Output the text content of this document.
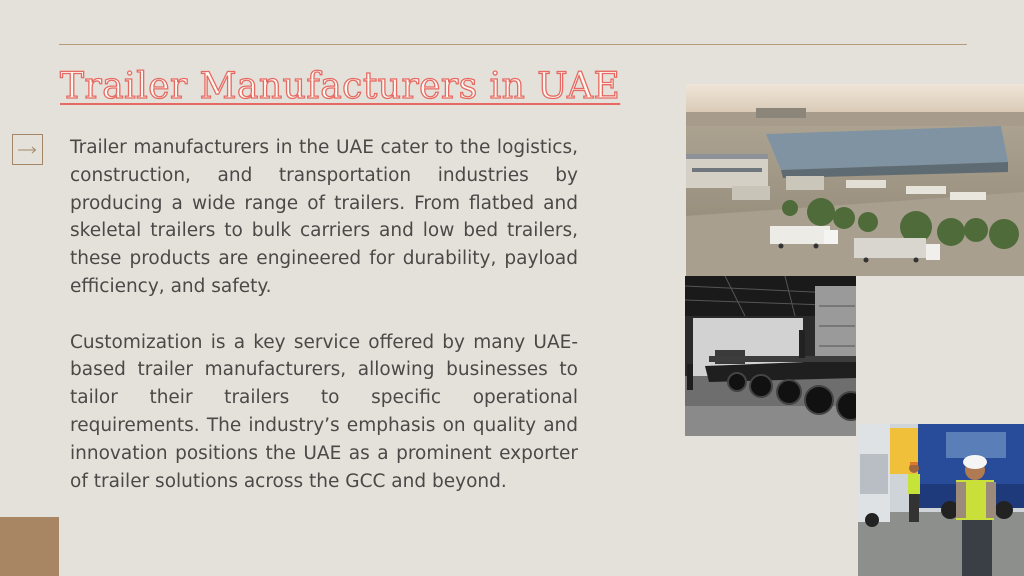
Trailer Manufacturers in UAE

Trailer manufacturers in the UAE cater to the logistics, construction, and transportation industries by producing a wide range of trailers. From flatbed and skeletal trailers to bulk carriers and low bed trailers, these products are engineered for durability, payload efficiency, and safety.

Customization is a key service offered by many UAE-based trailer manufacturers, allowing businesses to tailor their trailers to specific operational requirements. The industry’s emphasis on quality and innovation positions the UAE as a prominent exporter of trailer solutions across the GCC and beyond.
